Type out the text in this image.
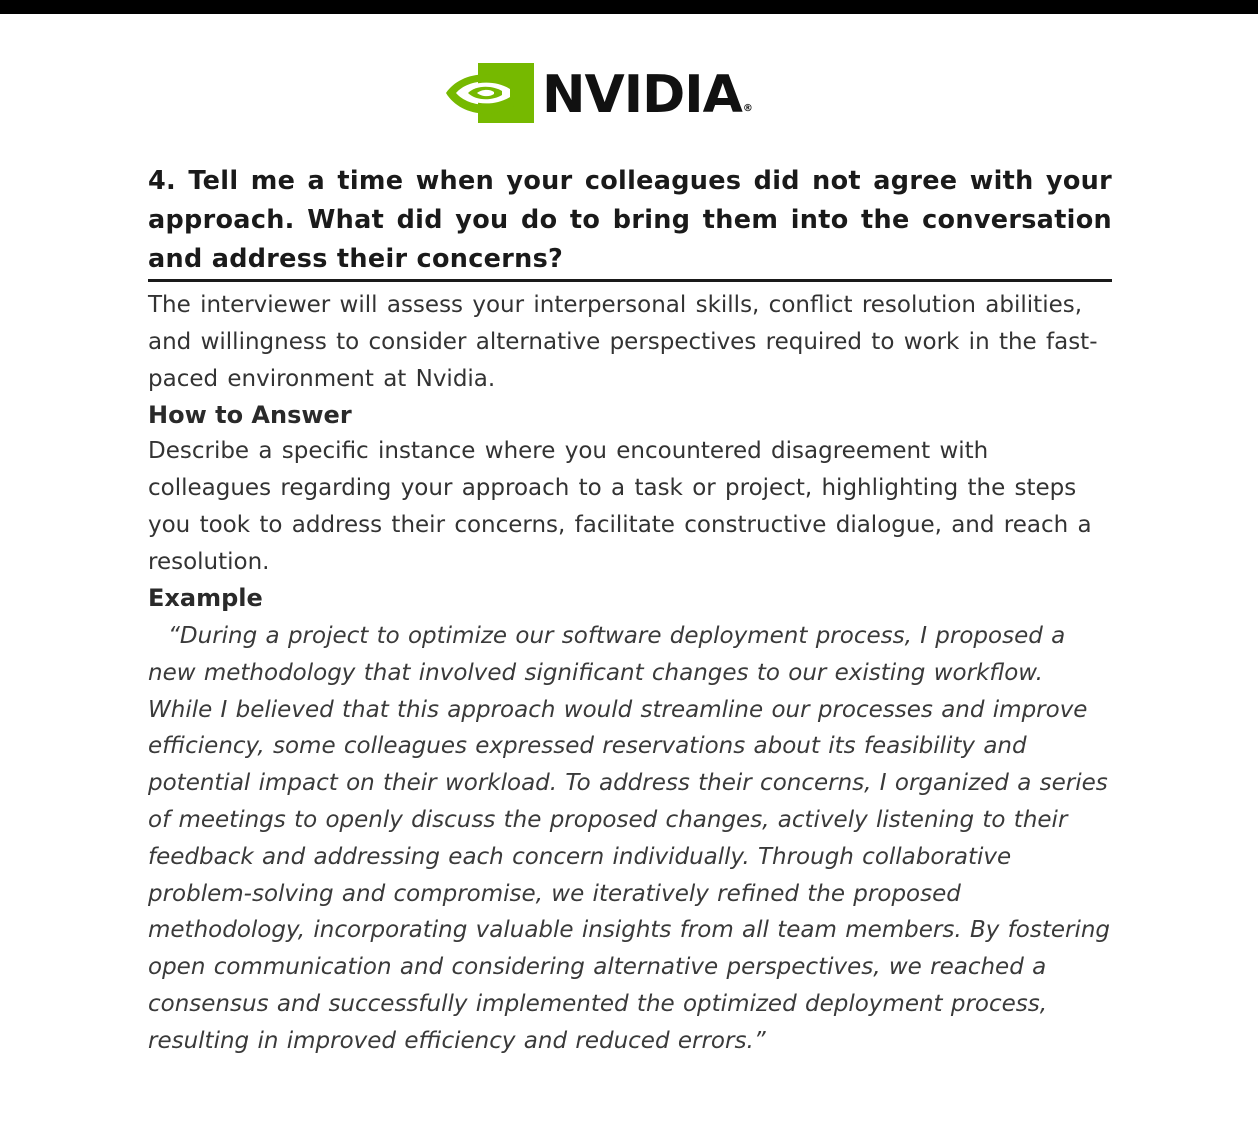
NVIDIA ®

4. Tell me a time when your colleagues did not agree with your approach. What did you do to bring them into the conversation and address their concerns?

The interviewer will assess your interpersonal skills, conflict resolution abilities, and willingness to consider alternative perspectives required to work in the fast-paced environment at Nvidia.

How to Answer

Describe a specific instance where you encountered disagreement with colleagues regarding your approach to a task or project, highlighting the steps you took to address their concerns, facilitate constructive dialogue, and reach a resolution.

Example

“During a project to optimize our software deployment process, I proposed a new methodology that involved significant changes to our existing workflow. While I believed that this approach would streamline our processes and improve efficiency, some colleagues expressed reservations about its feasibility and potential impact on their workload. To address their concerns, I organized a series of meetings to openly discuss the proposed changes, actively listening to their feedback and addressing each concern individually. Through collaborative problem-solving and compromise, we iteratively refined the proposed methodology, incorporating valuable insights from all team members. By fostering open communication and considering alternative perspectives, we reached a consensus and successfully implemented the optimized deployment process, resulting in improved efficiency and reduced errors.”
